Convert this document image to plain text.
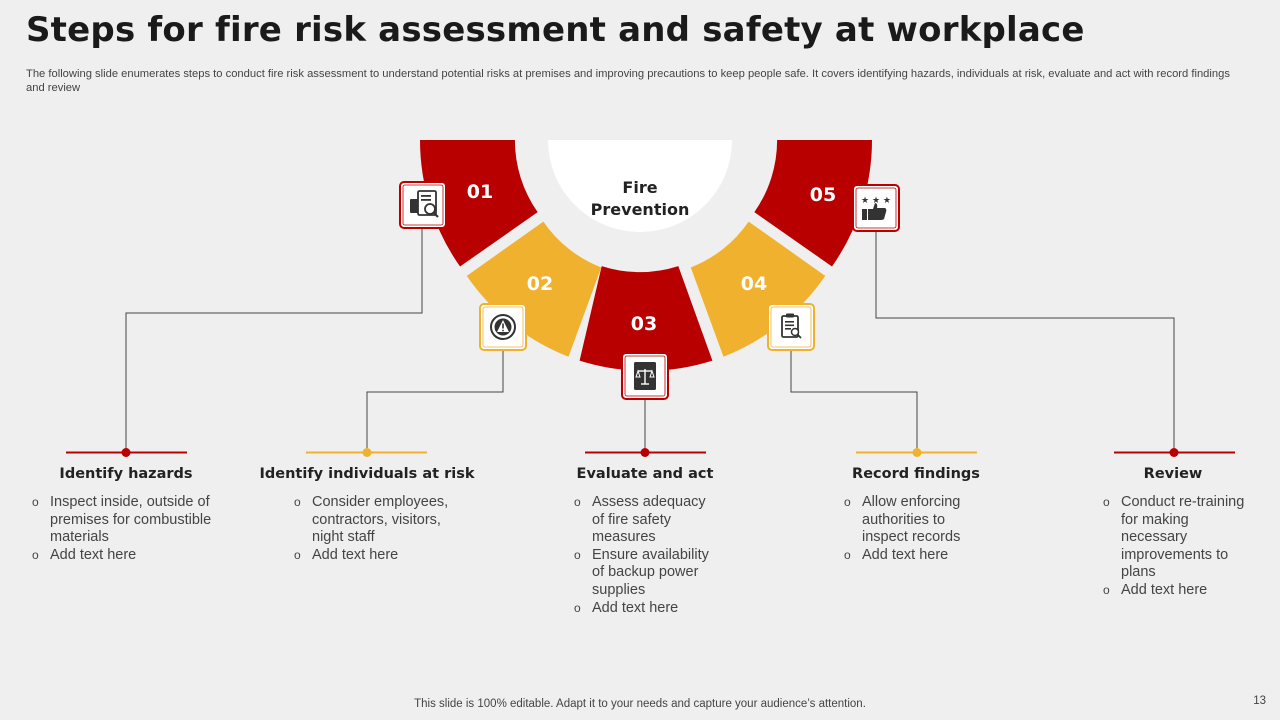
Steps for fire risk assessment and safety at workplace
The following slide enumerates steps to conduct fire risk assessment to understand potential risks at premises and improving precautions to keep people safe. It covers identifying hazards, individuals at risk, evaluate and act with record findings and review
01
02
03
04
05
Fire
Prevention	★ ★ ★
Identify hazards	Identify individuals at risk	Evaluate and act	Record findings	Review
o Inspect inside, outside of premises for combustible materials
o Add text here
o Consider employees, contractors, visitors, night staff
o Add text here
o Assess adequacy of fire safety measures
o Ensure availability of backup power supplies
o Add text here
o Allow enforcing authorities to inspect records
o Add text here
o Conduct re-training for making necessary improvements to plans
o Add text here
This slide is 100% editable. Adapt it to your needs and capture your audience’s attention.	13
